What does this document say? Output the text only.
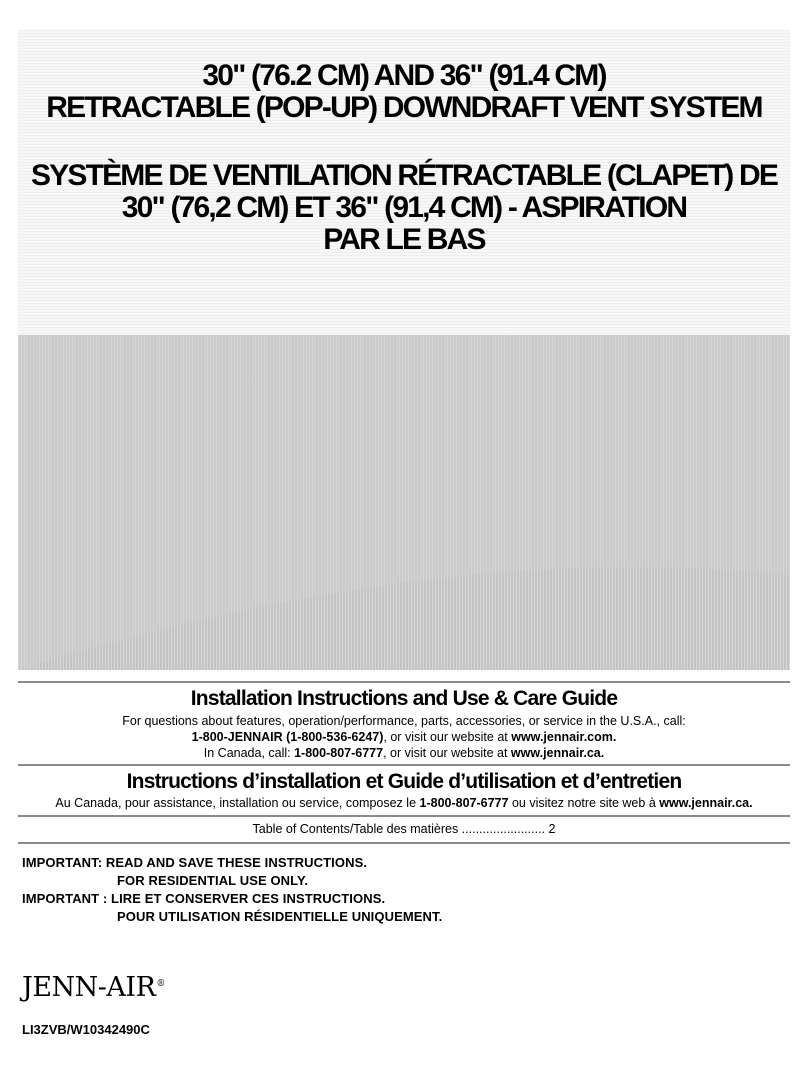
30" (76.2 CM) AND 36" (91.4 CM)
RETRACTABLE (POP-UP) DOWNDRAFT VENT SYSTEM
SYSTÈME DE VENTILATION RÉTRACTABLE (CLAPET) DE
30" (76,2 CM) ET 36" (91,4 CM) - ASPIRATION
PAR LE BAS
Installation Instructions and Use & Care Guide
For questions about features, operation/performance, parts, accessories, or service in the U.S.A., call:
1-800-JENNAIR (1-800-536-6247), or visit our website at www.jennair.com.
In Canada, call: 1-800-807-6777, or visit our website at www.jennair.ca.
Instructions d’installation et Guide d’utilisation et d’entretien
Au Canada, pour assistance, installation ou service, composez le 1-800-807-6777 ou visitez notre site web à www.jennair.ca.
Table of Contents/Table des matières ........................ 2
IMPORTANT: READ AND SAVE THESE INSTRUCTIONS.
FOR RESIDENTIAL USE ONLY.
IMPORTANT : LIRE ET CONSERVER CES INSTRUCTIONS.
POUR UTILISATION RÉSIDENTIELLE UNIQUEMENT.
JENN-AIR®
LI3ZVB/W10342490C
